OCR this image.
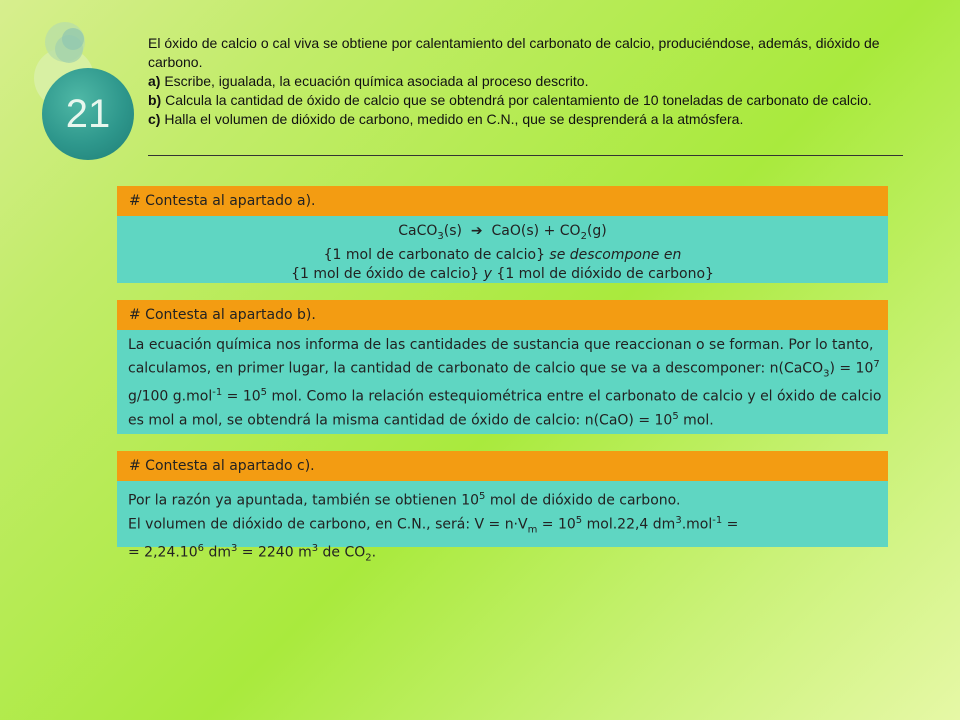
21
El óxido de calcio o cal viva se obtiene por calentamiento del carbonato de calcio, produciéndose, además, dióxido de carbono.
a) Escribe, igualada, la ecuación química asociada al proceso descrito.
b) Calcula la cantidad de óxido de calcio que se obtendrá por calentamiento de 10 toneladas de carbonato de calcio.
c) Halla el volumen de dióxido de carbono, medido en C.N., que se desprenderá a la atmósfera.
# Contesta al apartado a).
CaCO$_3$(s) ➔ $CaO(s) + CO_2(g)$
{1 mol de carbonato de calcio} se descompone en
{1 mol de óxido de calcio} y {1 mol de dióxido de carbono}
# Contesta al apartado b).
La ecuación química nos informa de las cantidades de sustancia que reaccionan o se forman. Por lo tanto, calculamos, en primer lugar, la cantidad de carbonato de calcio que se va a descomponer: n(CaCO$_3$) = $10^7$ g/100 $g.mol^{-1} = 10^5$ mol. Como la relación estequiométrica entre el carbonato de calcio y el óxido de calcio es mol a mol, se obtendrá la misma cantidad de óxido de calcio: $n(CaO) = 10^5$ mol.
# Contesta al apartado c).
Por la razón ya apuntada, también se obtienen $10^5$ mol de dióxido de carbono.
El volumen de dióxido de carbono, en C.N., será: $V = n\cdot V_m = 10^5$ mol.22,4 $dm^3.mol^{-1}$ =
= $2,24.10^6$ $dm^3 = 2240$ $m^3$ de $CO_2$.
